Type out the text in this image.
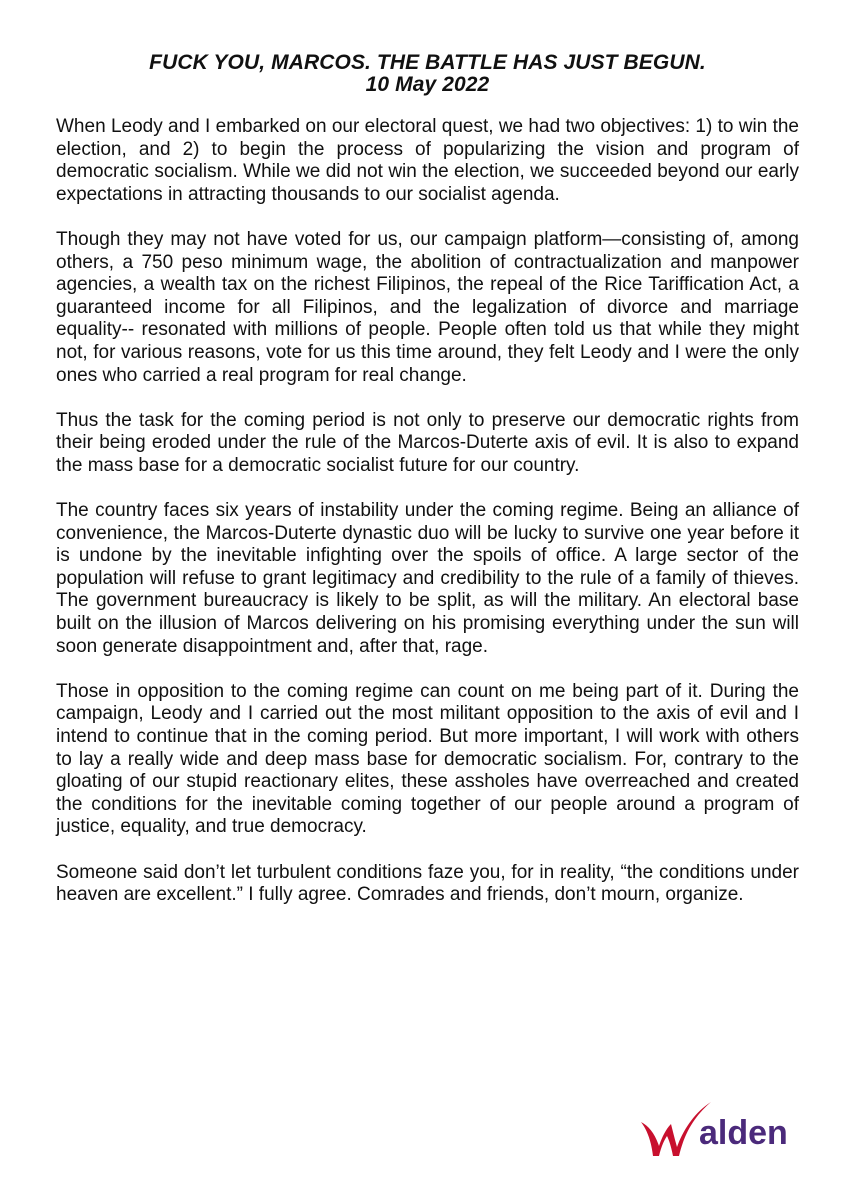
FUCK YOU, MARCOS. THE BATTLE HAS JUST BEGUN.
10 May 2022

When Leody and I embarked on our electoral quest, we had two objectives: 1) to win the election, and 2) to begin the process of popularizing the vision and program of democratic socialism. While we did not win the election, we succeeded beyond our early expectations in attracting thousands to our socialist agenda.

Though they may not have voted for us, our campaign platform—consisting of, among others, a 750 peso minimum wage, the abolition of contractualization and manpower agencies, a wealth tax on the richest Filipinos, the repeal of the Rice Tariffication Act, a guaranteed income for all Filipinos, and the legalization of divorce and marriage equality-- resonated with millions of people. People often told us that while they might not, for various reasons, vote for us this time around, they felt Leody and I were the only ones who carried a real program for real change.

Thus the task for the coming period is not only to preserve our democratic rights from their being eroded under the rule of the Marcos-Duterte axis of evil. It is also to expand the mass base for a democratic socialist future for our country.

The country faces six years of instability under the coming regime. Being an alliance of convenience, the Marcos-Duterte dynastic duo will be lucky to survive one year before it is undone by the inevitable infighting over the spoils of office. A large sector of the population will refuse to grant legitimacy and credibility to the rule of a family of thieves. The government bureaucracy is likely to be split, as will the military. An electoral base built on the illusion of Marcos delivering on his promising everything under the sun will soon generate disappointment and, after that, rage.

Those in opposition to the coming regime can count on me being part of it. During the campaign, Leody and I carried out the most militant opposition to the axis of evil and I intend to continue that in the coming period. But more important, I will work with others to lay a really wide and deep mass base for democratic socialism. For, contrary to the gloating of our stupid reactionary elites, these assholes have overreached and created the conditions for the inevitable coming together of our people around a program of justice, equality, and true democracy.

Someone said don’t let turbulent conditions faze you, for in reality, “the conditions under heaven are excellent.” I fully agree. Comrades and friends, don’t mourn, organize.

alden
